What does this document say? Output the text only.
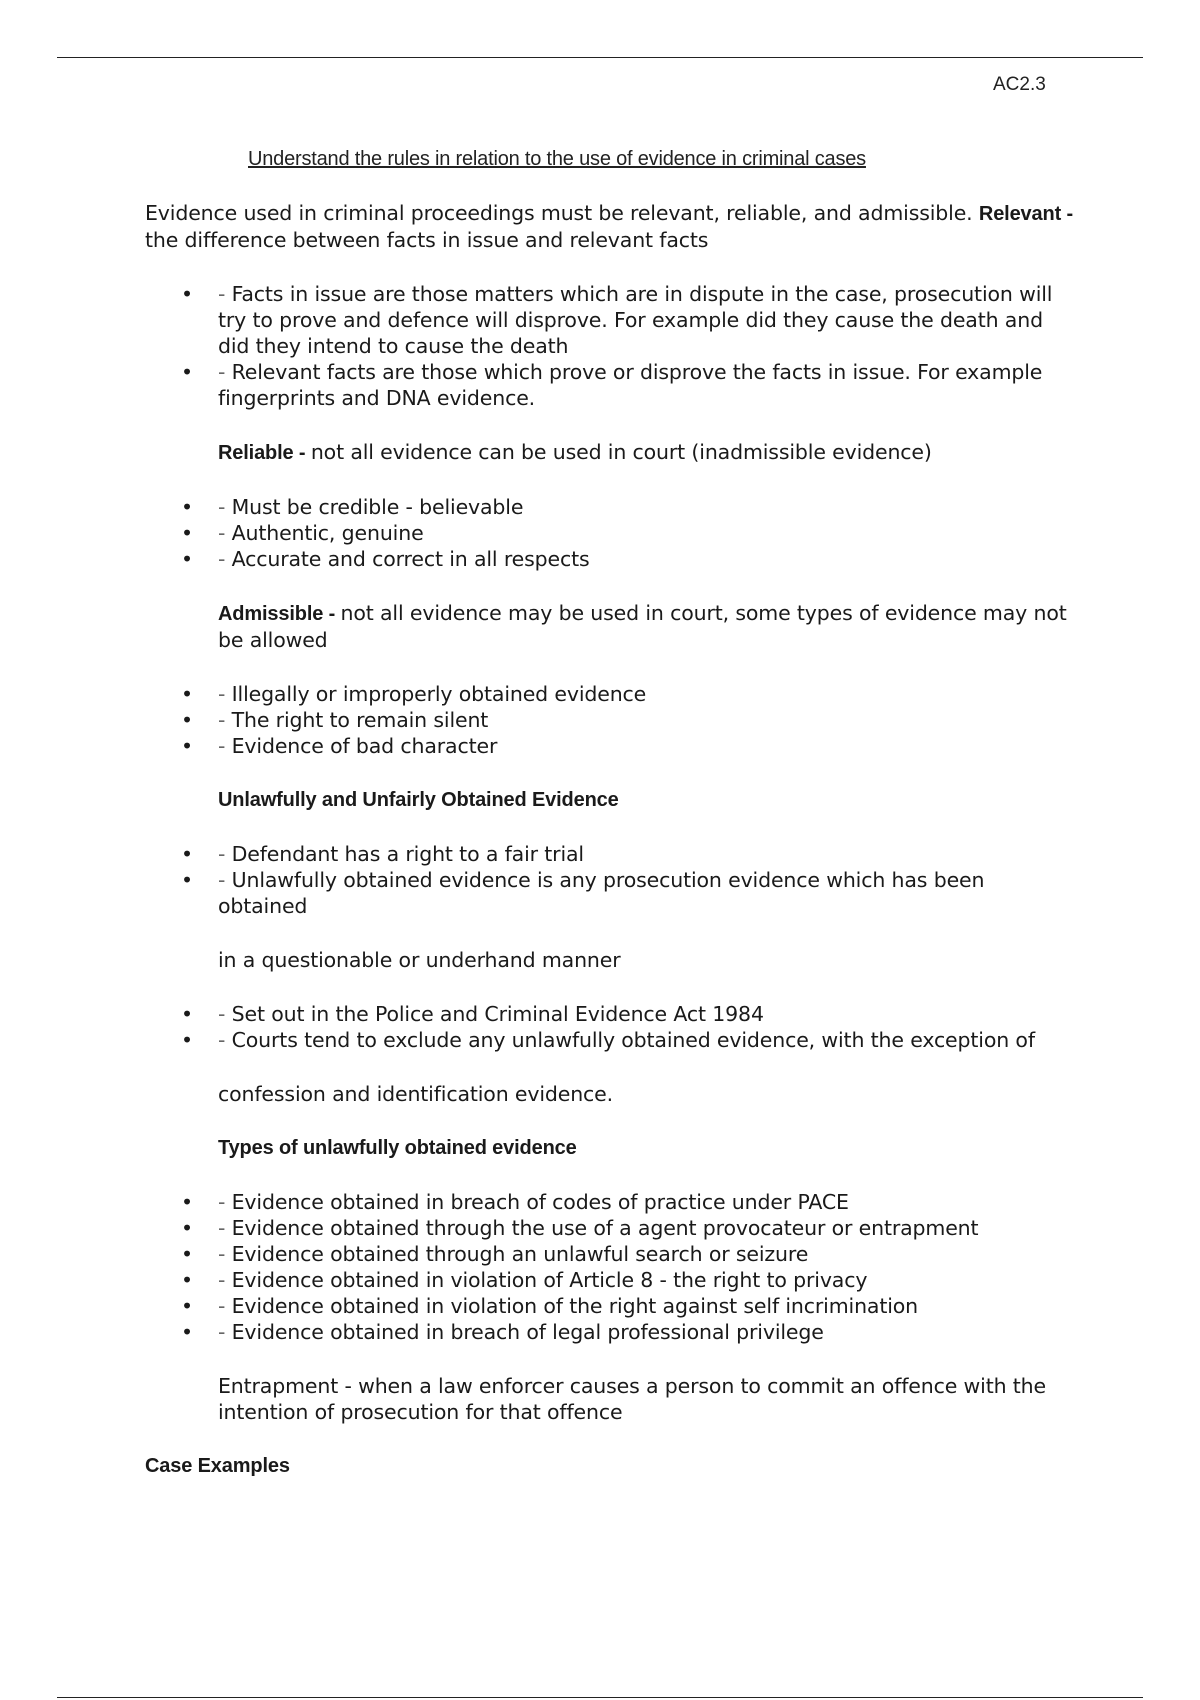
AC2.3
Understand the rules in relation to the use of evidence in criminal cases

Evidence used in criminal proceedings must be relevant, reliable, and admissible. Relevant - the difference between facts in issue and relevant facts

• - Facts in issue are those matters which are in dispute in the case, prosecution will try to prove and defence will disprove. For example did they cause the death and did they intend to cause the death
• - Relevant facts are those which prove or disprove the facts in issue. For example fingerprints and DNA evidence.

Reliable - not all evidence can be used in court (inadmissible evidence)

• - Must be credible - believable
• - Authentic, genuine
• - Accurate and correct in all respects

Admissible - not all evidence may be used in court, some types of evidence may not be allowed

• - Illegally or improperly obtained evidence
• - The right to remain silent
• - Evidence of bad character

Unlawfully and Unfairly Obtained Evidence

• - Defendant has a right to a fair trial
• - Unlawfully obtained evidence is any prosecution evidence which has been obtained

in a questionable or underhand manner

• - Set out in the Police and Criminal Evidence Act 1984
• - Courts tend to exclude any unlawfully obtained evidence, with the exception of

confession and identification evidence.

Types of unlawfully obtained evidence

• - Evidence obtained in breach of codes of practice under PACE
• - Evidence obtained through the use of a agent provocateur or entrapment
• - Evidence obtained through an unlawful search or seizure
• - Evidence obtained in violation of Article 8 - the right to privacy
• - Evidence obtained in violation of the right against self incrimination
• - Evidence obtained in breach of legal professional privilege

Entrapment - when a law enforcer causes a person to commit an offence with the intention of prosecution for that offence

Case Examples
